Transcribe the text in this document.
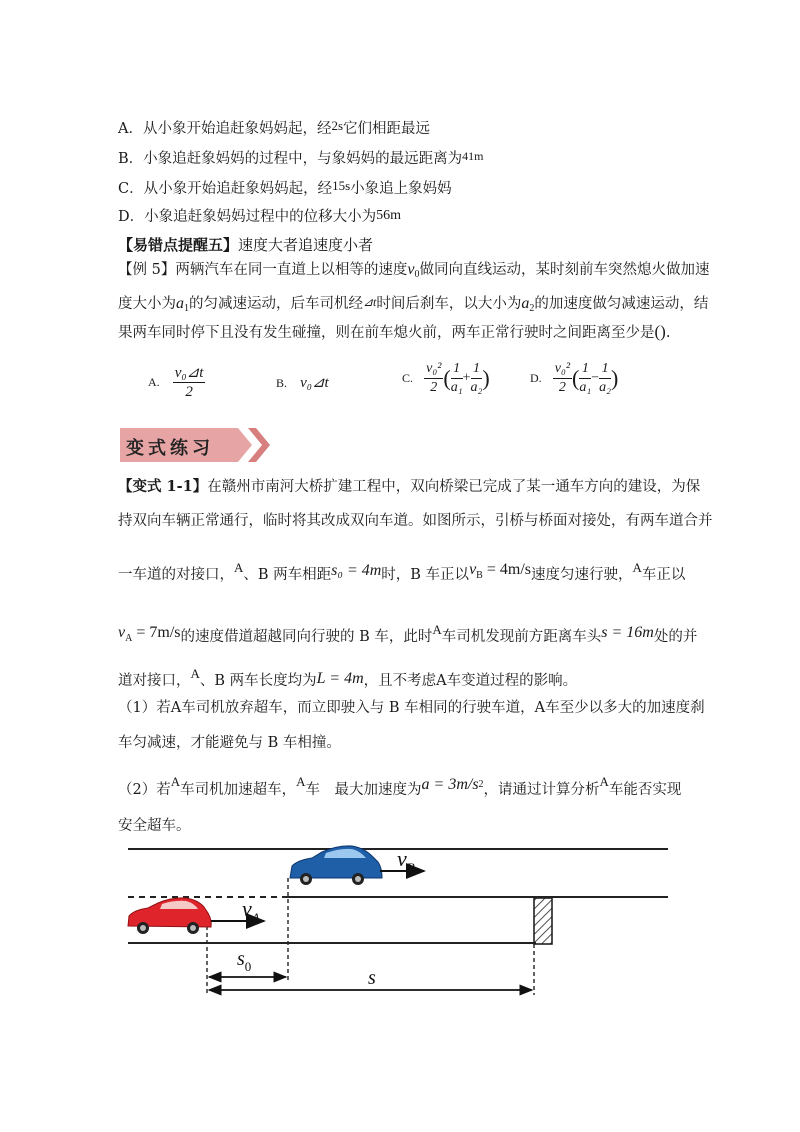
A．从小象开始追赶象妈妈起，经2s它们相距最远
B．小象追赶象妈妈的过程中，与象妈妈的最远距离为$^{41m}$
C．从小象开始追赶象妈妈起，经15s小象追上象妈妈
D．小象追赶象妈妈过程中的位移大小为56m
【易错点提醒五】速度大者追速度小者
【例 5】两辆汽车在同一直道上以相等的速度$v_0$做同向直线运动，某时刻前车突然熄火做加速
度大小为$a_1$的匀减速运动，后车司机经⊿t时间后刹车，以大小为$a_2$的加速度做匀减速运动，结
果两车同时停下且没有发生碰撞，则在前车熄火前，两车正常行驶时之间距离至少是().
A. $\frac{\text{v₀⊿t}}{2}$	B. v₀⊿t	C. $\frac{\text{v₀²}}{2}$ ( $\frac{1}{\text{a₁}} + \frac{1}{\text{a₂}}$ )	D. $\frac{\text{v₀²}}{2}$ ( $\frac{1}{\text{a₁}} - \frac{1}{\text{a₂}}$ )
变式练习
【变式 1-1】在赣州市南河大桥扩建工程中，双向桥梁已完成了某一通车方向的建设，为保
持双向车辆正常通行，临时将其改成双向车道。如图所示，引桥与桥面对接处，有两车道合并
一车道的对接口，A、B 两车相距s₀ = 4m时，B 车正以vB = 4m/s速度匀速行驶，A车正以
vA = 7m/s的速度借道超越同向行驶的 B 车，此时A车司机发现前方距离车头s = 16m处的并
道对接口，A、B 两车长度均为L = 4m，且不考虑A车变道过程的影响。
（1）若A车司机放弃超车，而立即驶入与 B 车相同的行驶车道，A车至少以多大的加速度刹
车匀减速，才能避免与 B 车相撞。
（2）若A车司机加速超车，A车　最大加速度为$a = 3m/s^2$，请通过计算分析A车能否实现
安全超车。
$v_B$
$v_A$
$s_0$
s
